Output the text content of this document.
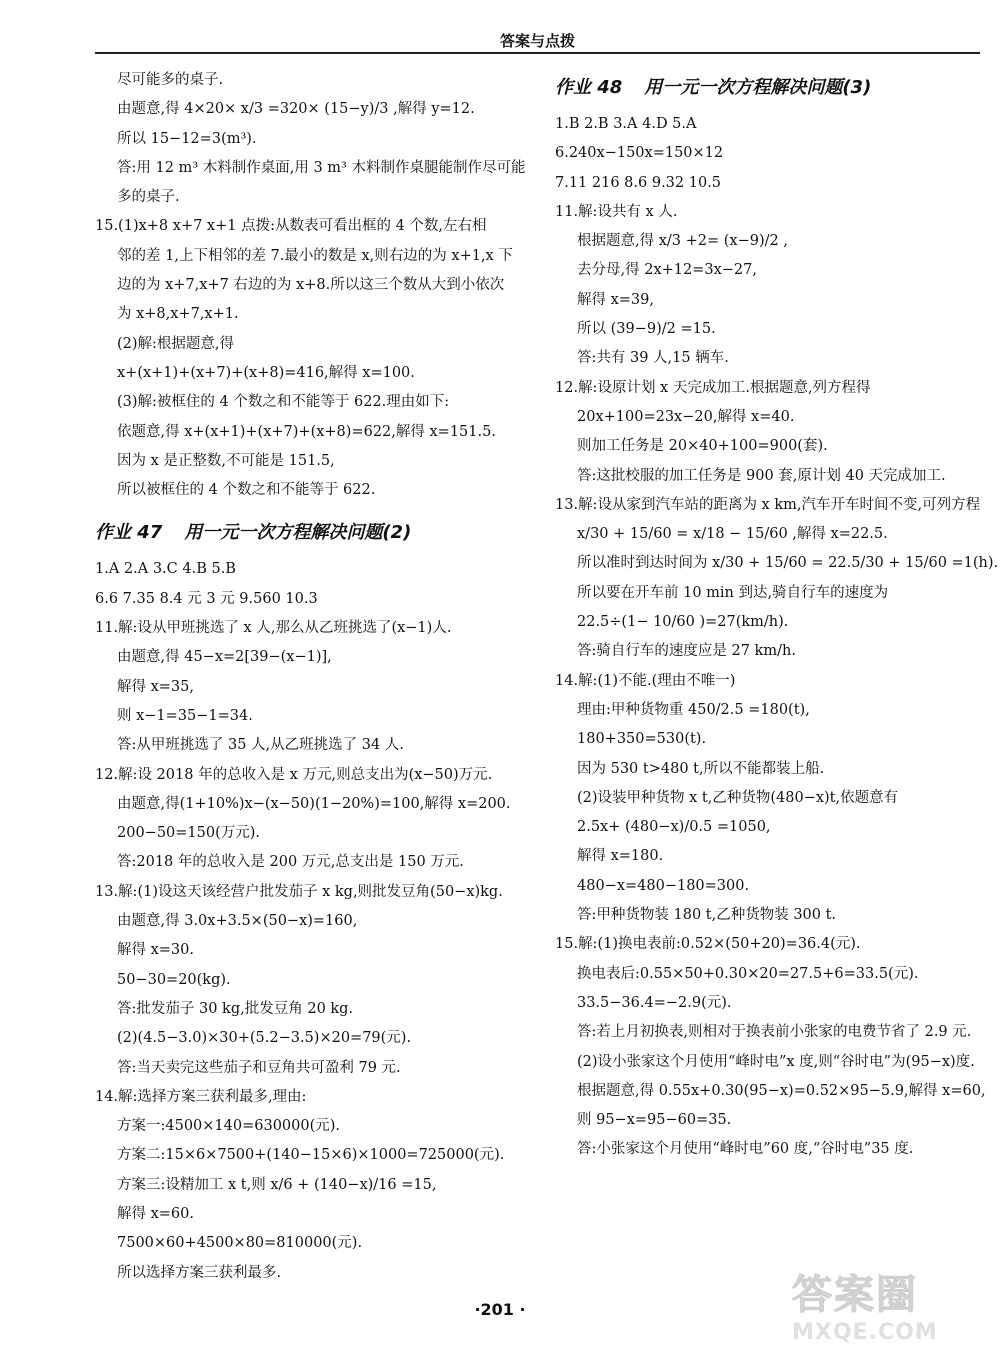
答案与点拨
尽可能多的桌子.
由题意,得 4×20× x/3 =320× (15−y)/3 ,解得 y=12.
所以 15−12=3(m³).
答:用 12 m³ 木料制作桌面,用 3 m³ 木料制作桌腿能制作尽可能
多的桌子.
15.(1)x+8 x+7 x+1 点拨:从数表可看出框的 4 个数,左右相
邻的差 1,上下相邻的差 7.最小的数是 x,则右边的为 x+1,x 下
边的为 x+7,x+7 右边的为 x+8.所以这三个数从大到小依次
为 x+8,x+7,x+1.
(2)解:根据题意,得
x+(x+1)+(x+7)+(x+8)=416,解得 x=100.
(3)解:被框住的 4 个数之和不能等于 622.理由如下:
依题意,得 x+(x+1)+(x+7)+(x+8)=622,解得 x=151.5.
因为 x 是正整数,不可能是 151.5,
所以被框住的 4 个数之和不能等于 622.
作业 47 用一元一次方程解决问题(2)
1.A 2.A 3.C 4.B 5.B
6.6 7.35 8.4 元 3 元 9.560 10.3
11.解:设从甲班挑选了 x 人,那么从乙班挑选了(x−1)人.
由题意,得 45−x=2[39−(x−1)],
解得 x=35,
则 x−1=35−1=34.
答:从甲班挑选了 35 人,从乙班挑选了 34 人.
12.解:设 2018 年的总收入是 x 万元,则总支出为(x−50)万元.
由题意,得(1+10%)x−(x−50)(1−20%)=100,解得 x=200.
200−50=150(万元).
答:2018 年的总收入是 200 万元,总支出是 150 万元.
13.解:(1)设这天该经营户批发茄子 x kg,则批发豆角(50−x)kg.
由题意,得 3.0x+3.5×(50−x)=160,
解得 x=30.
50−30=20(kg).
答:批发茄子 30 kg,批发豆角 20 kg.
(2)(4.5−3.0)×30+(5.2−3.5)×20=79(元).
答:当天卖完这些茄子和豆角共可盈利 79 元.
14.解:选择方案三获利最多,理由:
方案一:4500×140=630000(元).
方案二:15×6×7500+(140−15×6)×1000=725000(元).
方案三:设精加工 x t,则 x/6 + (140−x)/16 =15,
解得 x=60.
7500×60+4500×80=810000(元).
所以选择方案三获利最多.
作业 48 用一元一次方程解决问题(3)
1.B 2.B 3.A 4.D 5.A
6.240x−150x=150×12
7.11 216 8.6 9.32 10.5
11.解:设共有 x 人.
根据题意,得 x/3 +2= (x−9)/2 ,
去分母,得 2x+12=3x−27,
解得 x=39,
所以 (39−9)/2 =15.
答:共有 39 人,15 辆车.
12.解:设原计划 x 天完成加工.根据题意,列方程得
20x+100=23x−20,解得 x=40.
则加工任务是 20×40+100=900(套).
答:这批校服的加工任务是 900 套,原计划 40 天完成加工.
13.解:设从家到汽车站的距离为 x km,汽车开车时间不变,可列方程
x/30 + 15/60 = x/18 − 15/60 ,解得 x=22.5.
所以准时到达时间为 x/30 + 15/60 = 22.5/30 + 15/60 =1(h).
所以要在开车前 10 min 到达,骑自行车的速度为
22.5÷(1− 10/60 )=27(km/h).
答:骑自行车的速度应是 27 km/h.
14.解:(1)不能.(理由不唯一)
理由:甲种货物重 450/2.5 =180(t),
180+350=530(t).
因为 530 t>480 t,所以不能都装上船.
(2)设装甲种货物 x t,乙种货物(480−x)t,依题意有
2.5x+ (480−x)/0.5 =1050,
解得 x=180.
480−x=480−180=300.
答:甲种货物装 180 t,乙种货物装 300 t.
15.解:(1)换电表前:0.52×(50+20)=36.4(元).
换电表后:0.55×50+0.30×20=27.5+6=33.5(元).
33.5−36.4=−2.9(元).
答:若上月初换表,则相对于换表前小张家的电费节省了 2.9 元.
(2)设小张家这个月使用“峰时电”x 度,则“谷时电”为(95−x)度.
根据题意,得 0.55x+0.30(95−x)=0.52×95−5.9,解得 x=60,
则 95−x=95−60=35.
答:小张家这个月使用“峰时电”60 度,“谷时电”35 度.
·201 ·	答案圈
MXQE.COM
